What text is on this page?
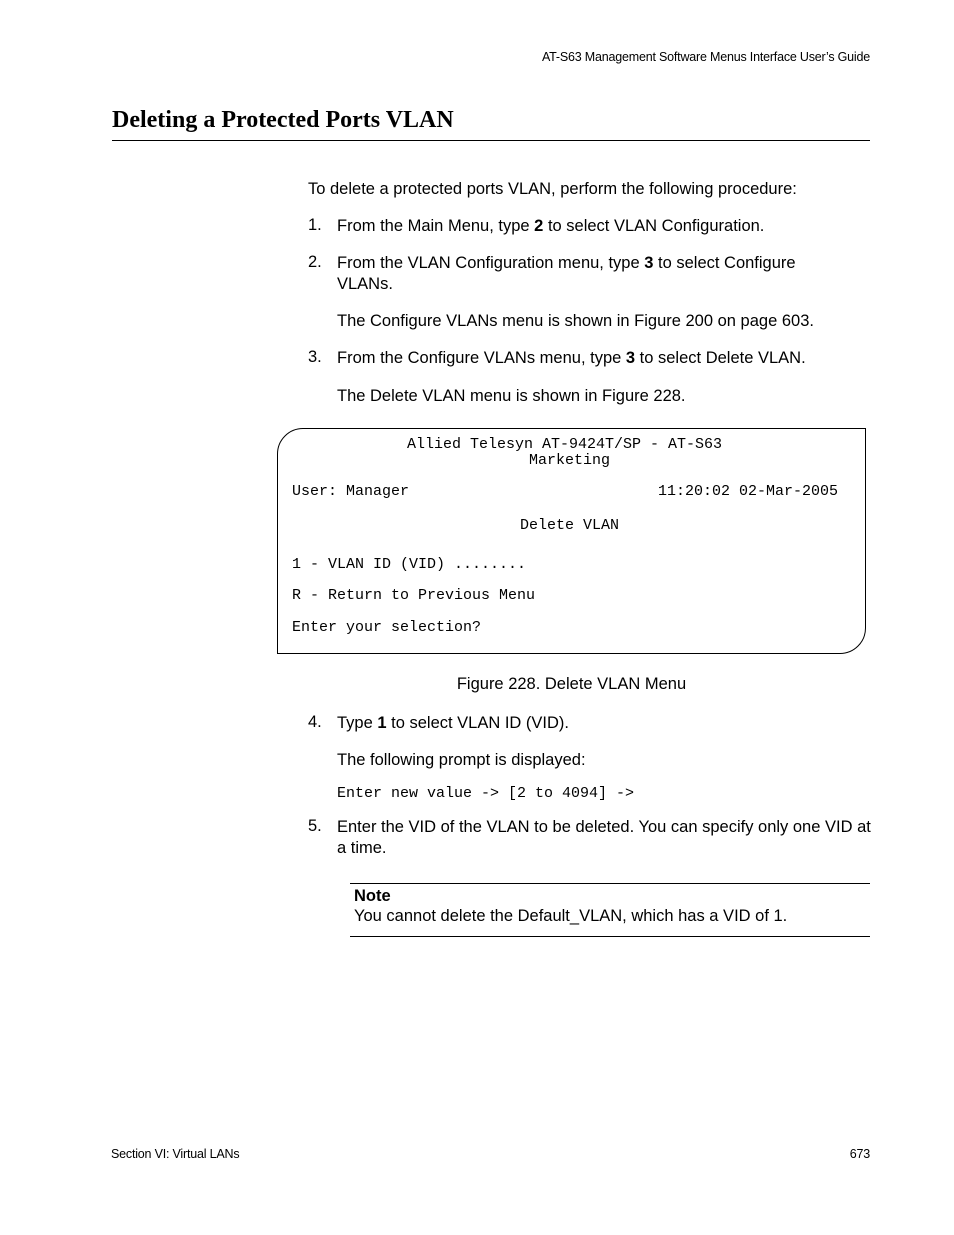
AT-S63 Management Software Menus Interface User’s Guide
Deleting a Protected Ports VLAN
To delete a protected ports VLAN, perform the following procedure:
1. From the Main Menu, type 2 to select VLAN Configuration.
2. From the VLAN Configuration menu, type 3 to select Configure VLANs.
The Configure VLANs menu is shown in Figure 200 on page 603.
3. From the Configure VLANs menu, type 3 to select Delete VLAN.
The Delete VLAN menu is shown in Figure 228.
Allied Telesyn AT-9424T/SP - AT-S63
Marketing
User: Manager	11:20:02 02-Mar-2005
Delete VLAN
1 - VLAN ID (VID) ........
R - Return to Previous Menu
Enter your selection?
Figure 228. Delete VLAN Menu
4. Type 1 to select VLAN ID (VID).
The following prompt is displayed:
Enter new value -> [2 to 4094] ->
5. Enter the VID of the VLAN to be deleted. You can specify only one VID at a time.
Note
You cannot delete the Default_VLAN, which has a VID of 1.
Section VI: Virtual LANs	673
